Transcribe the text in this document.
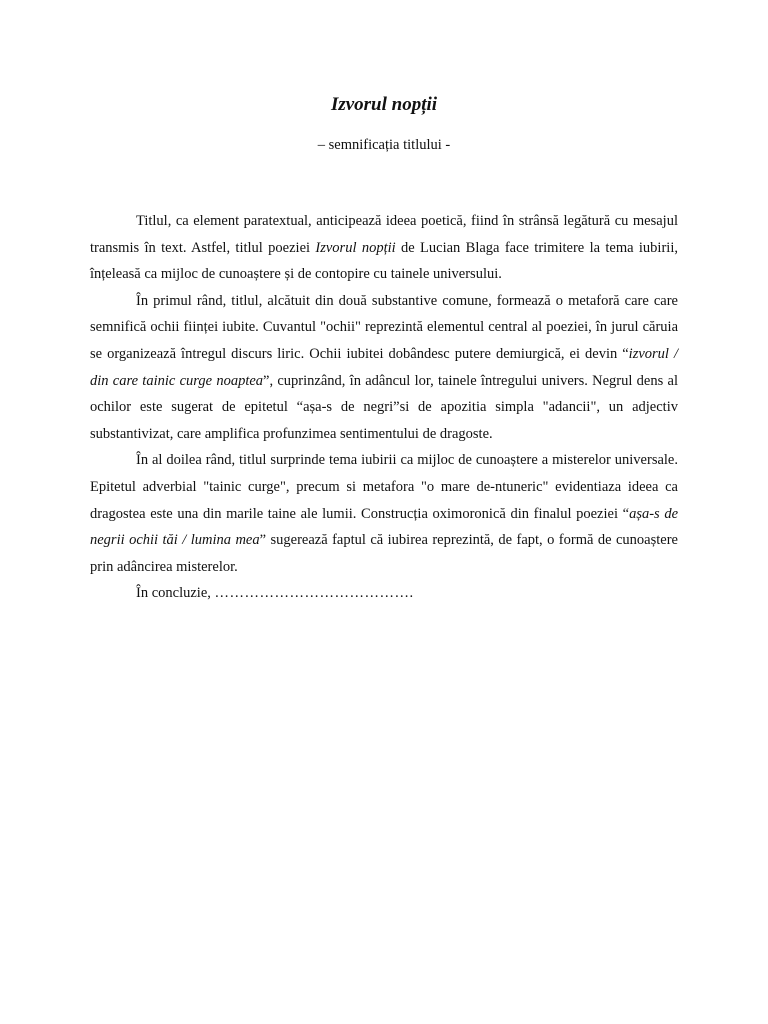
Izvorul nopții
– semnificația titlului -

Titlul, ca element paratextual, anticipează ideea poetică, fiind în strânsă legătură cu mesajul transmis în text. Astfel, titlul poeziei Izvorul nopții de Lucian Blaga face trimitere la tema iubirii, înțeleasă ca mijloc de cunoaștere și de contopire cu tainele universului.

În primul rând, titlul, alcătuit din două substantive comune, formează o metaforă care care semnifică ochii ființei iubite. Cuvantul "ochii" reprezintă elementul central al poeziei, în jurul căruia se organizează întregul discurs liric. Ochii iubitei dobândesc putere demiurgică, ei devin “izvorul / din care tainic curge noaptea”, cuprinzând, în adâncul lor, tainele întregului univers. Negrul dens al ochilor este sugerat de epitetul “așa-s de negri”si de apozitia simpla "adancii", un adjectiv substantivizat, care amplifica profunzimea sentimentului de dragoste.

În al doilea rând, titlul surprinde tema iubirii ca mijloc de cunoaștere a misterelor universale. Epitetul adverbial "tainic curge", precum si metafora "o mare de-ntuneric" evidentiaza ideea ca dragostea este una din marile taine ale lumii. Construcția oximoronică din finalul poeziei “așa-s de negrii ochii tăi / lumina mea” sugerează faptul că iubirea reprezintă, de fapt, o formă de cunoaștere prin adâncirea misterelor.

În concluzie, ………………………………….
